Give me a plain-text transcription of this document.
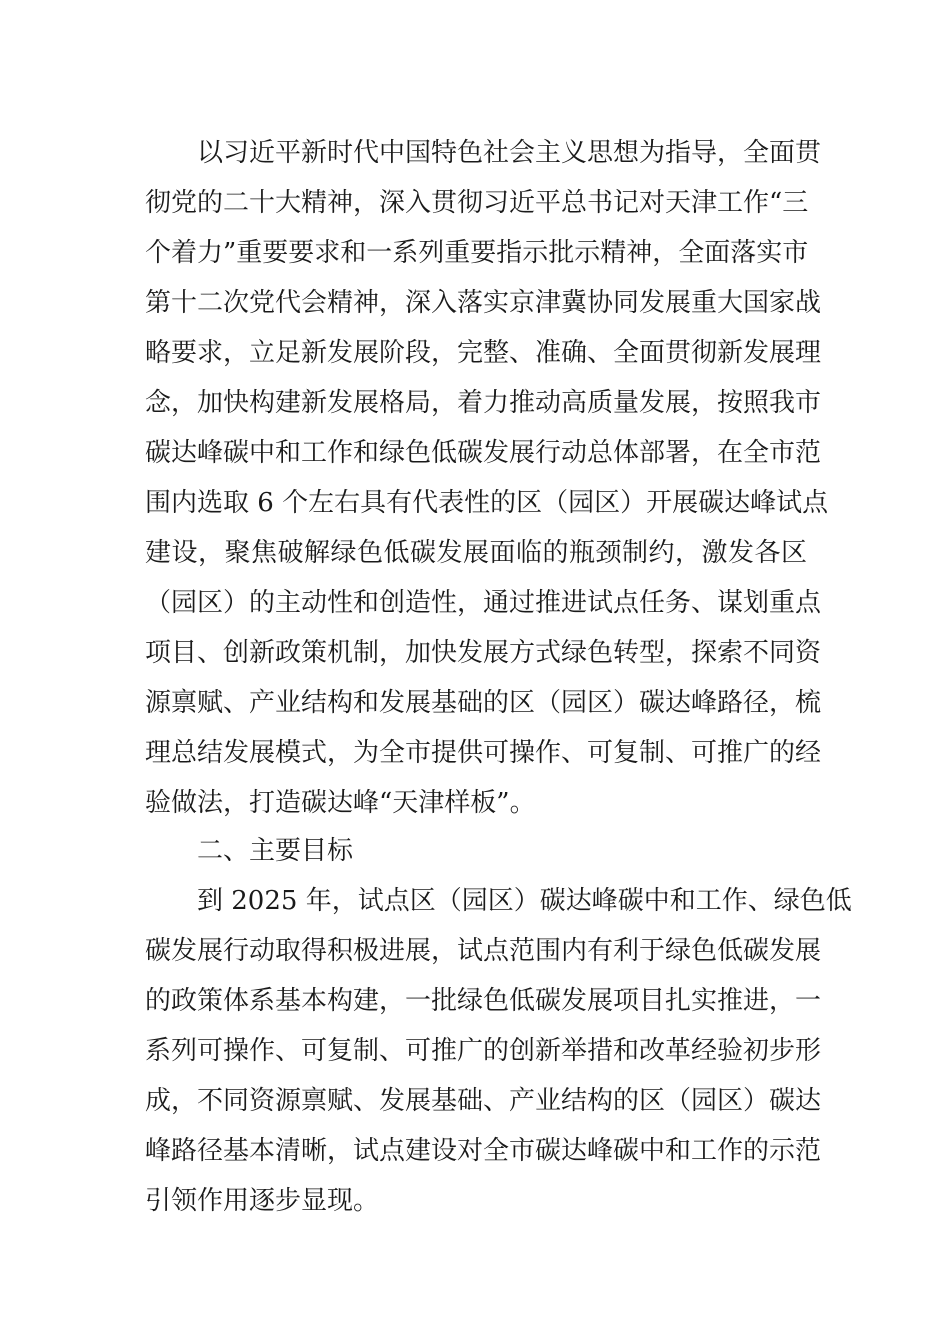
以习近平新时代中国特色社会主义思想为指导，全面贯
彻党的二十大精神，深入贯彻习近平总书记对天津工作“三
个着力”重要要求和一系列重要指示批示精神，全面落实市
第十二次党代会精神，深入落实京津冀协同发展重大国家战
略要求，立足新发展阶段，完整、准确、全面贯彻新发展理
念，加快构建新发展格局，着力推动高质量发展，按照我市
碳达峰碳中和工作和绿色低碳发展行动总体部署，在全市范
围内选取 6 个左右具有代表性的区（园区）开展碳达峰试点
建设，聚焦破解绿色低碳发展面临的瓶颈制约，激发各区
（园区）的主动性和创造性，通过推进试点任务、谋划重点
项目、创新政策机制，加快发展方式绿色转型，探索不同资
源禀赋、产业结构和发展基础的区（园区）碳达峰路径，梳
理总结发展模式，为全市提供可操作、可复制、可推广的经
验做法，打造碳达峰“天津样板”。
二、主要目标
到 2025 年，试点区（园区）碳达峰碳中和工作、绿色低
碳发展行动取得积极进展，试点范围内有利于绿色低碳发展
的政策体系基本构建，一批绿色低碳发展项目扎实推进，一
系列可操作、可复制、可推广的创新举措和改革经验初步形
成，不同资源禀赋、发展基础、产业结构的区（园区）碳达
峰路径基本清晰，试点建设对全市碳达峰碳中和工作的示范
引领作用逐步显现。
